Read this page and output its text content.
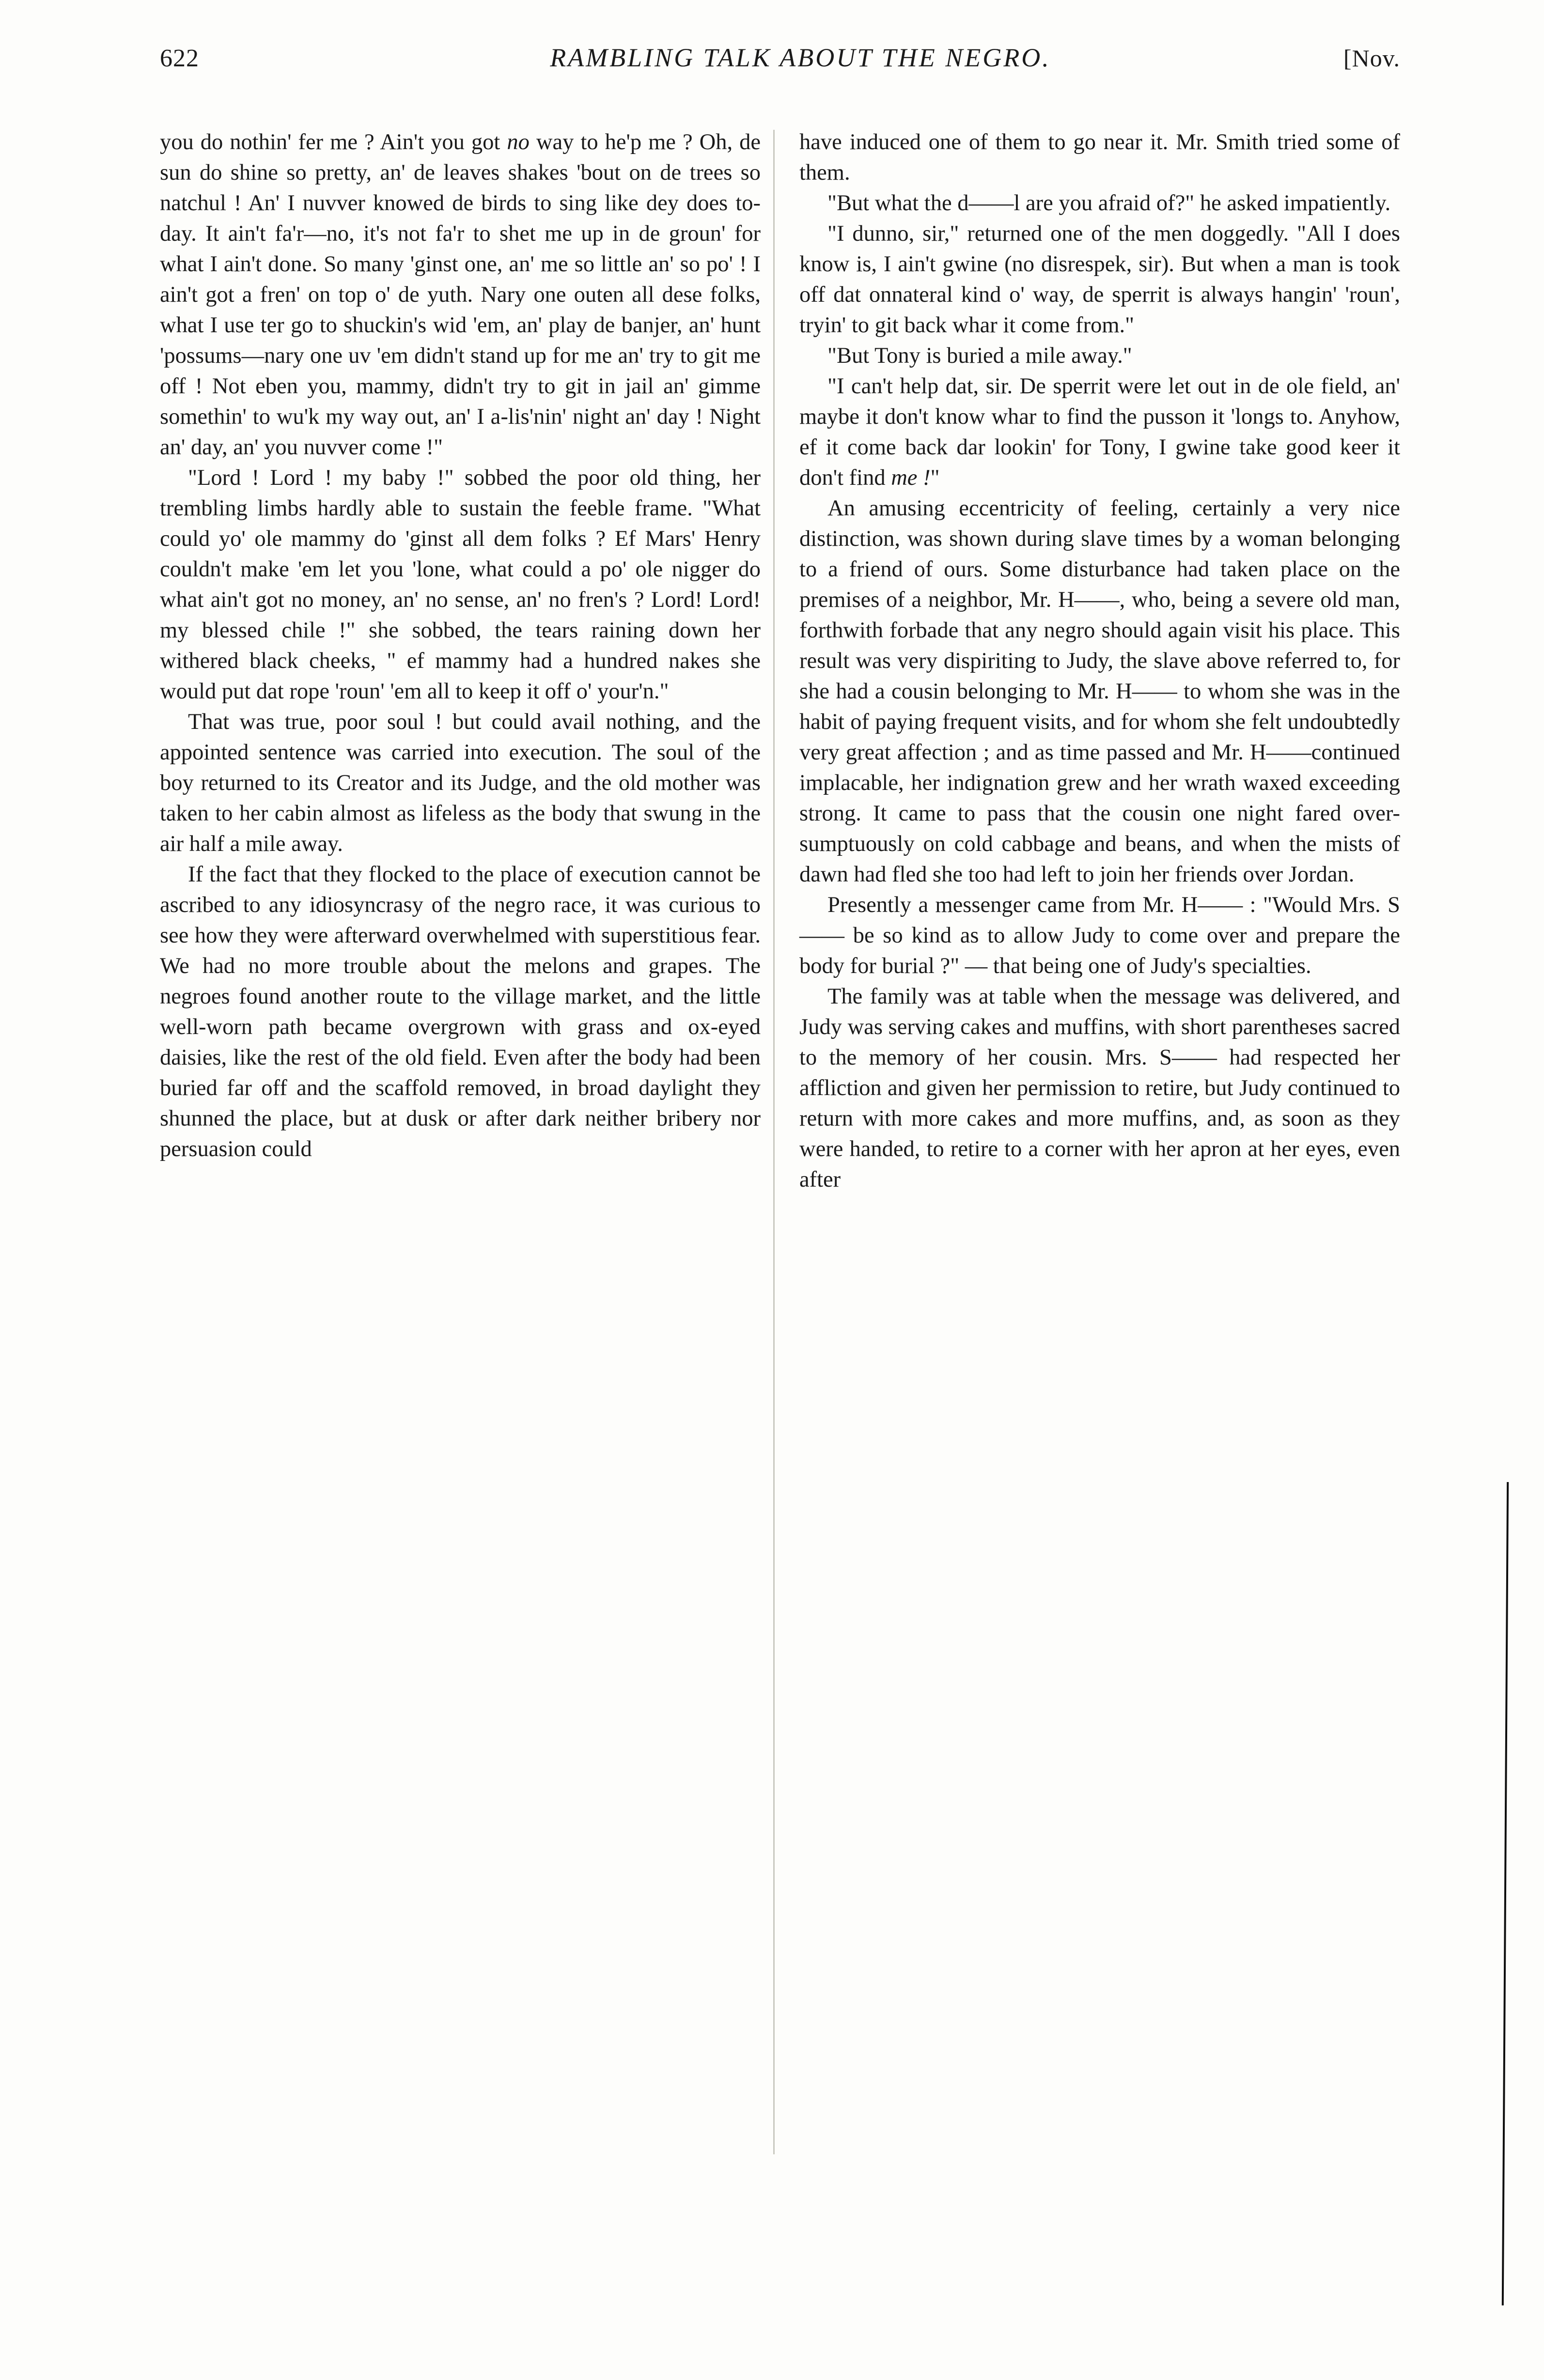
622	RAMBLING TALK ABOUT THE NEGRO.	[Nov.

you do nothin' fer me ? Ain't you got no way to he'p me ? Oh, de sun do shine so pretty, an' de leaves shakes 'bout on de trees so natchul ! An' I nuvver knowed de birds to sing like dey does to-day. It ain't fa'r—no, it's not fa'r to shet me up in de groun' for what I ain't done. So many 'ginst one, an' me so little an' so po' ! I ain't got a fren' on top o' de yuth. Nary one outen all dese folks, what I use ter go to shuckin's wid 'em, an' play de banjer, an' hunt 'possums—nary one uv 'em didn't stand up for me an' try to git me off ! Not eben you, mammy, didn't try to git in jail an' gimme somethin' to wu'k my way out, an' I a-lis'nin' night an' day ! Night an' day, an' you nuvver come !"

"Lord ! Lord ! my baby !" sobbed the poor old thing, her trembling limbs hardly able to sustain the feeble frame. "What could yo' ole mammy do 'ginst all dem folks ? Ef Mars' Henry couldn't make 'em let you 'lone, what could a po' ole nigger do what ain't got no money, an' no sense, an' no fren's ? Lord! Lord! my blessed chile !" she sobbed, the tears raining down her withered black cheeks, " ef mammy had a hundred nakes she would put dat rope 'roun' 'em all to keep it off o' your'n."

That was true, poor soul ! but could avail nothing, and the appointed sentence was carried into execution. The soul of the boy returned to its Creator and its Judge, and the old mother was taken to her cabin almost as lifeless as the body that swung in the air half a mile away.

If the fact that they flocked to the place of execution cannot be ascribed to any idiosyncrasy of the negro race, it was curious to see how they were afterward overwhelmed with superstitious fear. We had no more trouble about the melons and grapes. The negroes found another route to the village market, and the little well-worn path became overgrown with grass and ox-eyed daisies, like the rest of the old field. Even after the body had been buried far off and the scaffold removed, in broad daylight they shunned the place, but at dusk or after dark neither bribery nor persuasion could

have induced one of them to go near it. Mr. Smith tried some of them.

"But what the d——l are you afraid of?" he asked impatiently.

"I dunno, sir," returned one of the men doggedly. "All I does know is, I ain't gwine (no disrespek, sir). But when a man is took off dat onnateral kind o' way, de sperrit is always hangin' 'roun', tryin' to git back whar it come from."

"But Tony is buried a mile away."

"I can't help dat, sir. De sperrit were let out in de ole field, an' maybe it don't know whar to find the pusson it 'longs to. Anyhow, ef it come back dar lookin' for Tony, I gwine take good keer it don't find me !"

An amusing eccentricity of feeling, certainly a very nice distinction, was shown during slave times by a woman belonging to a friend of ours. Some disturbance had taken place on the premises of a neighbor, Mr. H——, who, being a severe old man, forthwith forbade that any negro should again visit his place. This result was very dispiriting to Judy, the slave above referred to, for she had a cousin belonging to Mr. H—— to whom she was in the habit of paying frequent visits, and for whom she felt undoubtedly very great affection ; and as time passed and Mr. H——continued implacable, her indignation grew and her wrath waxed exceeding strong. It came to pass that the cousin one night fared over-sumptuously on cold cabbage and beans, and when the mists of dawn had fled she too had left to join her friends over Jordan.

Presently a messenger came from Mr. H—— : "Would Mrs. S—— be so kind as to allow Judy to come over and prepare the body for burial ?" — that being one of Judy's specialties.

The family was at table when the message was delivered, and Judy was serving cakes and muffins, with short parentheses sacred to the memory of her cousin. Mrs. S—— had respected her affliction and given her permission to retire, but Judy continued to return with more cakes and more muffins, and, as soon as they were handed, to retire to a corner with her apron at her eyes, even after
